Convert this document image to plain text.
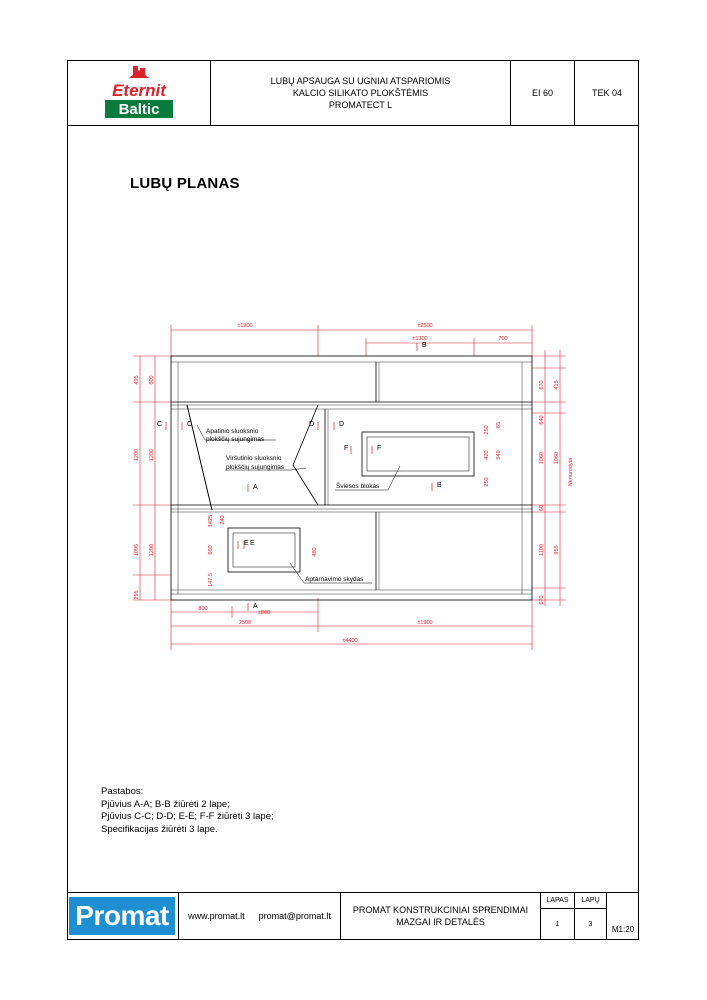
Eternit
Baltic
LUBŲ APSAUGA SU UGNIAI ATSPARIOMIS
KALCIO SILIKATO PLOKŠTĖMIS
PROMATECT L
EI 60	TEK 04
LUBŲ PLANAS
±1900	±2500
±1300	700
800
±800
2500	±1900
±4400
495 600
1200 1200
1095 1200
295
670 415
640
1060 1060
955
1100
60
670
Nenurodyta
250
420 540
250
65
1425
660
147.5
480
240
Apatinio sluoksnio
plokščių sujungimas
Viršutinio sluoksnio
plokščių sujungimas
Šviesos blokas
Aptarnavimo skydas
A
A
B
B
C	C	D	D
E E
F	F
Pastabos:
Pjūvius A-A; B-B žiūrėti 2 lape;
Pjūvius C-C; D-D; E-E; F-F žiūrėti 3 lape;
Specifikacijas žiūrėti 3 lape.
Promat	www.promat.lt promat@promat.lt
PROMAT KONSTRUKCINIAI SPRENDIMAI
MAZGAI IR DETALĖS
LAPAS
1
LAPŲ
3
M1:20
